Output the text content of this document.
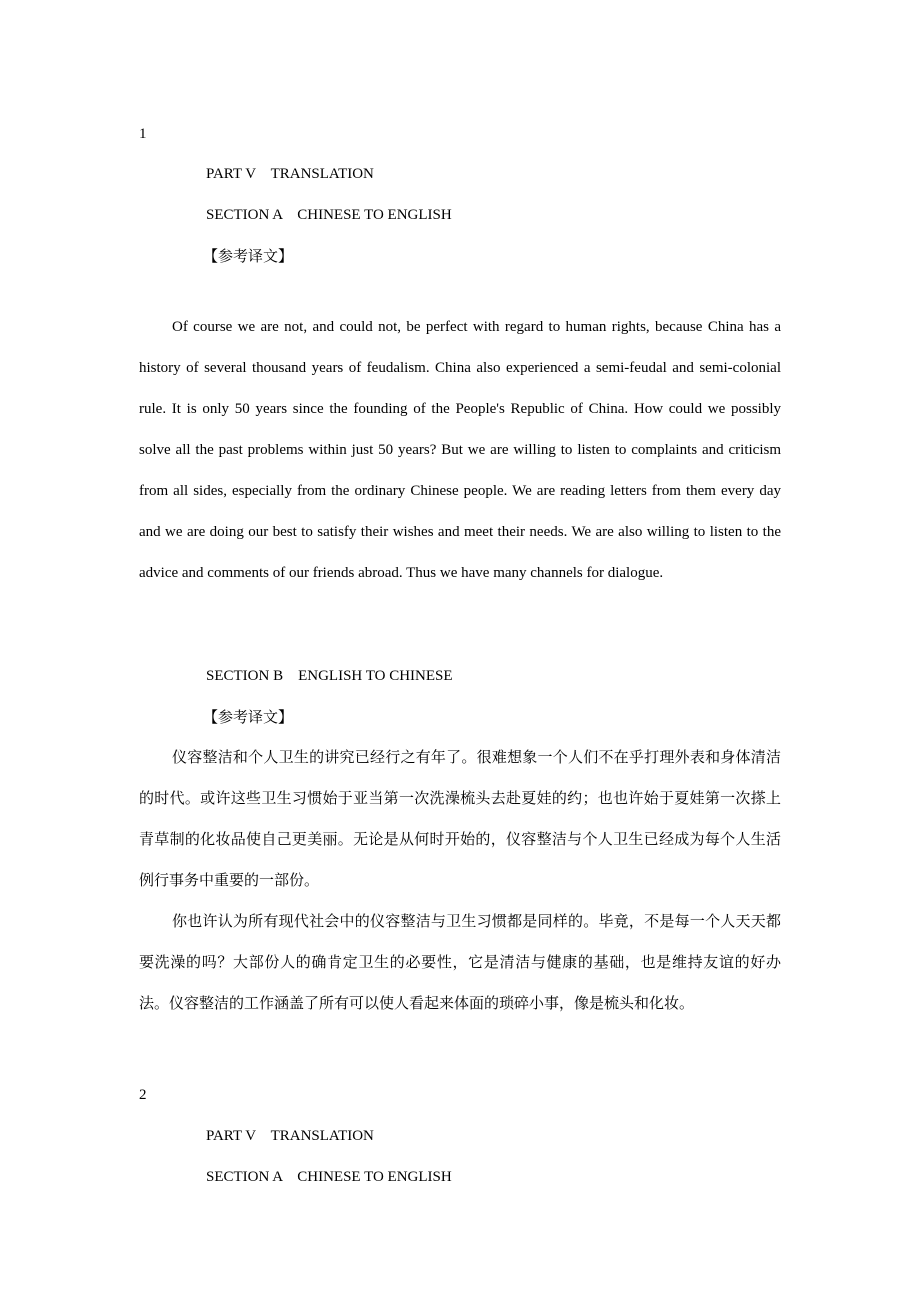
1
PART V    TRANSLATION
SECTION A    CHINESE TO ENGLISH
【参考译文】

Of course we are not, and could not, be perfect with regard to human rights, because China has a history of several thousand years of feudalism. China also experienced a semi-feudal and semi-colonial rule. It is only 50 years since the founding of the People's Republic of China. How could we possibly solve all the past problems within just 50 years? But we are willing to listen to complaints and criticism from all sides, especially from the ordinary Chinese people. We are reading letters from them every day and we are doing our best to satisfy their wishes and meet their needs. We are also willing to listen to the advice and comments of our friends abroad. Thus we have many channels for dialogue.

SECTION B    ENGLISH TO CHINESE
【参考译文】

仪容整洁和个人卫生的讲究已经行之有年了。很难想象一个人们不在乎打理外表和身体清洁的时代。或许这些卫生习惯始于亚当第一次洗澡梳头去赴夏娃的约；也也许始于夏娃第一次搽上青草制的化妆品使自己更美丽。无论是从何时开始的，仪容整洁与个人卫生已经成为每个人生活例行事务中重要的一部份。

你也许认为所有现代社会中的仪容整洁与卫生习惯都是同样的。毕竟，不是每一个人天天都要洗澡的吗？大部份人的确肯定卫生的必要性，它是清洁与健康的基础，也是维持友谊的好办法。仪容整洁的工作涵盖了所有可以使人看起来体面的琐碎小事，像是梳头和化妆。

2
PART V    TRANSLATION
SECTION A    CHINESE TO ENGLISH
